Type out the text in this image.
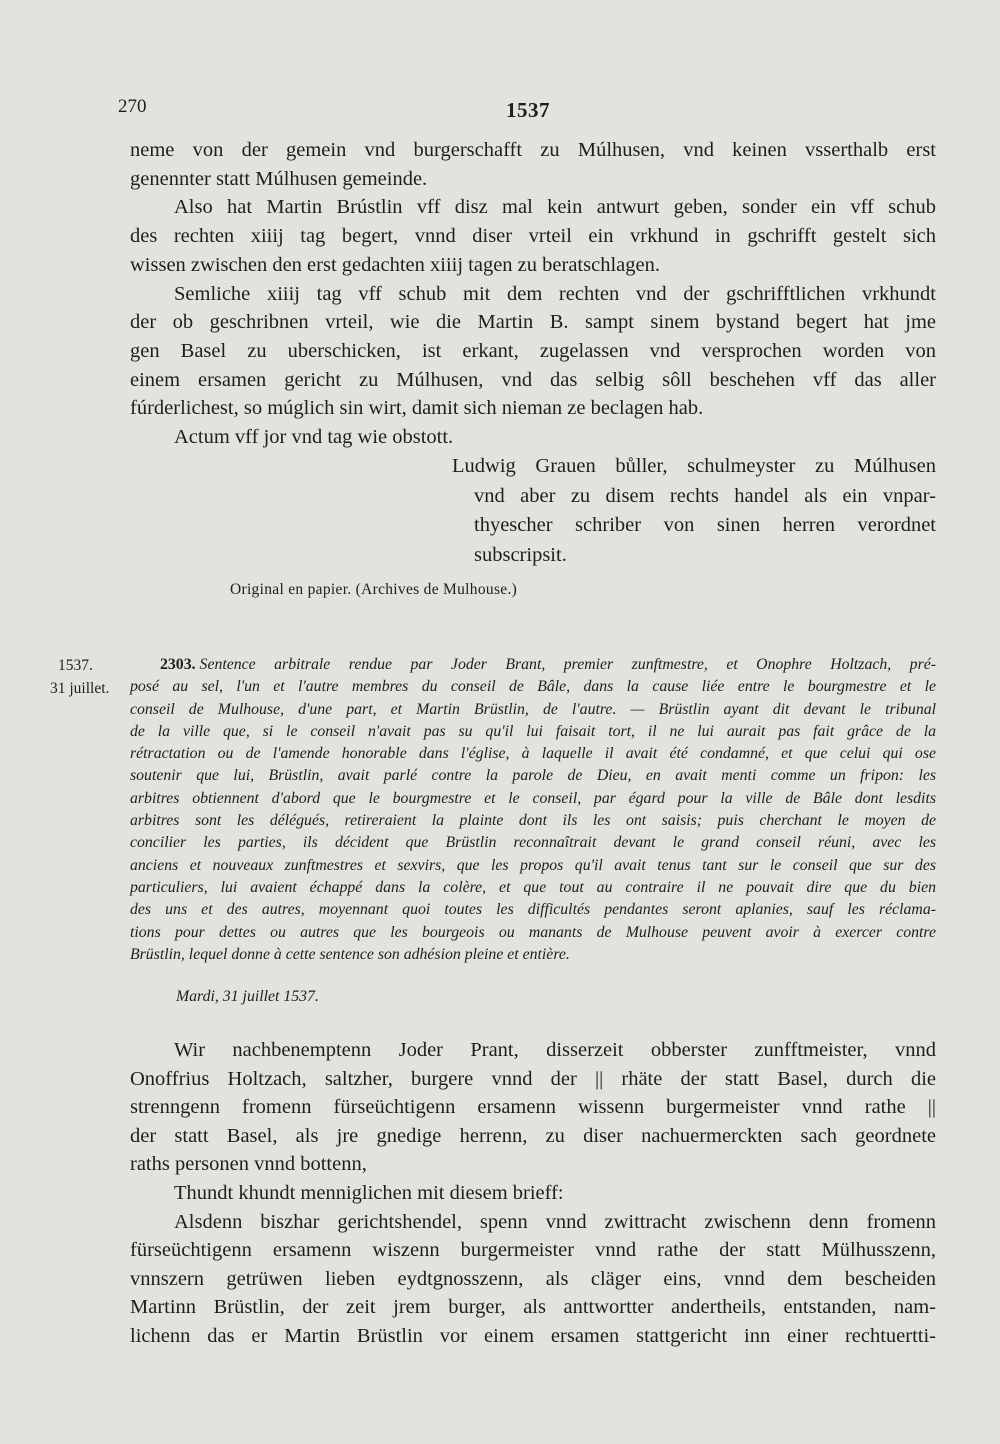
270	1537
neme von der gemein vnd burgerschafft zu Múlhusen, vnd keinen vsserthalb erst
genennter statt Múlhusen gemeinde.
Also hat Martin Brústlin vff disz mal kein antwurt geben, sonder ein vff schub
des rechten xiiij tag begert, vnnd diser vrteil ein vrkhund in gschrifft gestelt sich
wissen zwischen den erst gedachten xiiij tagen zu beratschlagen.
Semliche xiiij tag vff schub mit dem rechten vnd der gschrifftlichen vrkhundt
der ob geschribnen vrteil, wie die Martin B. sampt sinem bystand begert hat jme
gen Basel zu uberschicken, ist erkant, zugelassen vnd versprochen worden von
einem ersamen gericht zu Múlhusen, vnd das selbig sôll beschehen vff das aller
fúrderlichest, so múglich sin wirt, damit sich nieman ze beclagen hab.
Actum vff jor vnd tag wie obstott.
Ludwig Grauen bůller, schulmeyster zu Múlhusen
vnd aber zu disem rechts handel als ein vnpar-
thyescher schriber von sinen herren verordnet
subscripsit.
Original en papier. (Archives de Mulhouse.)
1537.
31 juillet.
2303. Sentence arbitrale rendue par Joder Brant, premier zunftmestre, et Onophre Holtzach, pré-
posé au sel, l'un et l'autre membres du conseil de Bâle, dans la cause liée entre le bourgmestre et le
conseil de Mulhouse, d'une part, et Martin Brüstlin, de l'autre. — Brüstlin ayant dit devant le tribunal
de la ville que, si le conseil n'avait pas su qu'il lui faisait tort, il ne lui aurait pas fait grâce de la
rétractation ou de l'amende honorable dans l'église, à laquelle il avait été condamné, et que celui qui ose
soutenir que lui, Brüstlin, avait parlé contre la parole de Dieu, en avait menti comme un fripon: les
arbitres obtiennent d'abord que le bourgmestre et le conseil, par égard pour la ville de Bâle dont lesdits
arbitres sont les délégués, retireraient la plainte dont ils les ont saisis; puis cherchant le moyen de
concilier les parties, ils décident que Brüstlin reconnaîtrait devant le grand conseil réuni, avec les
anciens et nouveaux zunftmestres et sexvirs, que les propos qu'il avait tenus tant sur le conseil que sur des
particuliers, lui avaient échappé dans la colère, et que tout au contraire il ne pouvait dire que du bien
des uns et des autres, moyennant quoi toutes les difficultés pendantes seront aplanies, sauf les réclama-
tions pour dettes ou autres que les bourgeois ou manants de Mulhouse peuvent avoir à exercer contre
Brüstlin, lequel donne à cette sentence son adhésion pleine et entière.
Mardi, 31 juillet 1537.
Wir nachbenemptenn Joder Prant, disserzeit obberster zunfftmeister, vnnd
Onoffrius Holtzach, saltzher, burgere vnnd der || rhäte der statt Basel, durch die
strenngenn fromenn fürseüchtigenn ersamenn wissenn burgermeister vnnd rathe ||
der statt Basel, als jre gnedige herrenn, zu diser nachuermerckten sach geordnete
raths personen vnnd bottenn,
Thundt khundt menniglichen mit diesem brieff:
Alsdenn biszhar gerichtshendel, spenn vnnd zwittracht zwischenn denn fromenn
fürseüchtigenn ersamenn wiszenn burgermeister vnnd rathe der statt Mülhusszenn,
vnnszern getrüwen lieben eydtgnosszenn, als cläger eins, vnnd dem bescheiden
Martinn Brüstlin, der zeit jrem burger, als anttwortter andertheils, entstanden, nam-
lichenn das er Martin Brüstlin vor einem ersamen stattgericht inn einer rechtuertti-
